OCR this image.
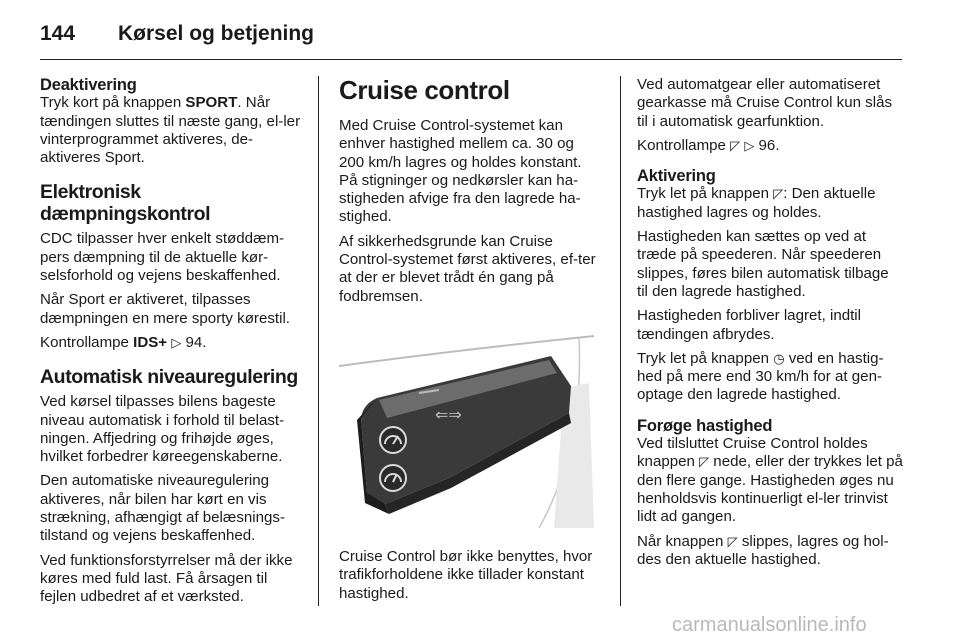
144 Kørsel og betjening
Deaktivering

Tryk kort på knappen SPORT. Når tændingen sluttes til næste gang, el-ler vinterprogrammet aktiveres, de-aktiveres Sport.

Elektronisk dæmpningskontrol

CDC tilpasser hver enkelt støddæm-pers dæmpning til de aktuelle kør-selsforhold og vejens beskaffenhed.

Når Sport er aktiveret, tilpasses dæmpningen en mere sporty kørestil.

Kontrollampe IDS+ ▷ 94.

Automatisk niveauregulering

Ved kørsel tilpasses bilens bageste niveau automatisk i forhold til belast-ningen. Affjedring og frihøjde øges, hvilket forbedrer køreegenskaberne.

Den automatiske niveauregulering aktiveres, når bilen har kørt en vis strækning, afhængigt af belæsnings-tilstand og vejens beskaffenhed.

Ved funktionsforstyrrelser må der ikke køres med fuld last. Få årsagen til fejlen udbedret af et værksted.

Cruise control

Med Cruise Control-systemet kan enhver hastighed mellem ca. 30 og 200 km/h lagres og holdes konstant. På stigninger og nedkørsler kan ha-stigheden afvige fra den lagrede ha-stighed.

Af sikkerhedsgrunde kan Cruise Control-systemet først aktiveres, ef-ter at der er blevet trådt én gang på fodbremsen.

⇐⇒

Cruise Control bør ikke benyttes, hvor trafikforholdene ikke tillader konstant hastighed.

Ved automatgear eller automatiseret gearkasse må Cruise Control kun slås til i automatisk gearfunktion.

Kontrollampe ◸ ▷ 96.

Aktivering

Tryk let på knappen ◸: Den aktuelle hastighed lagres og holdes.

Hastigheden kan sættes op ved at træde på speederen. Når speederen slippes, føres bilen automatisk tilbage til den lagrede hastighed.

Hastigheden forbliver lagret, indtil tændingen afbrydes.

Tryk let på knappen ◷ ved en hastig-hed på mere end 30 km/h for at gen-optage den lagrede hastighed.

Forøge hastighed

Ved tilsluttet Cruise Control holdes knappen ◸ nede, eller der trykkes let på den flere gange. Hastigheden øges nu henholdsvis kontinuerligt el-ler trinvist lidt ad gangen.

Når knappen ◸ slippes, lagres og hol-des den aktuelle hastighed.

carmanualsonline.info
